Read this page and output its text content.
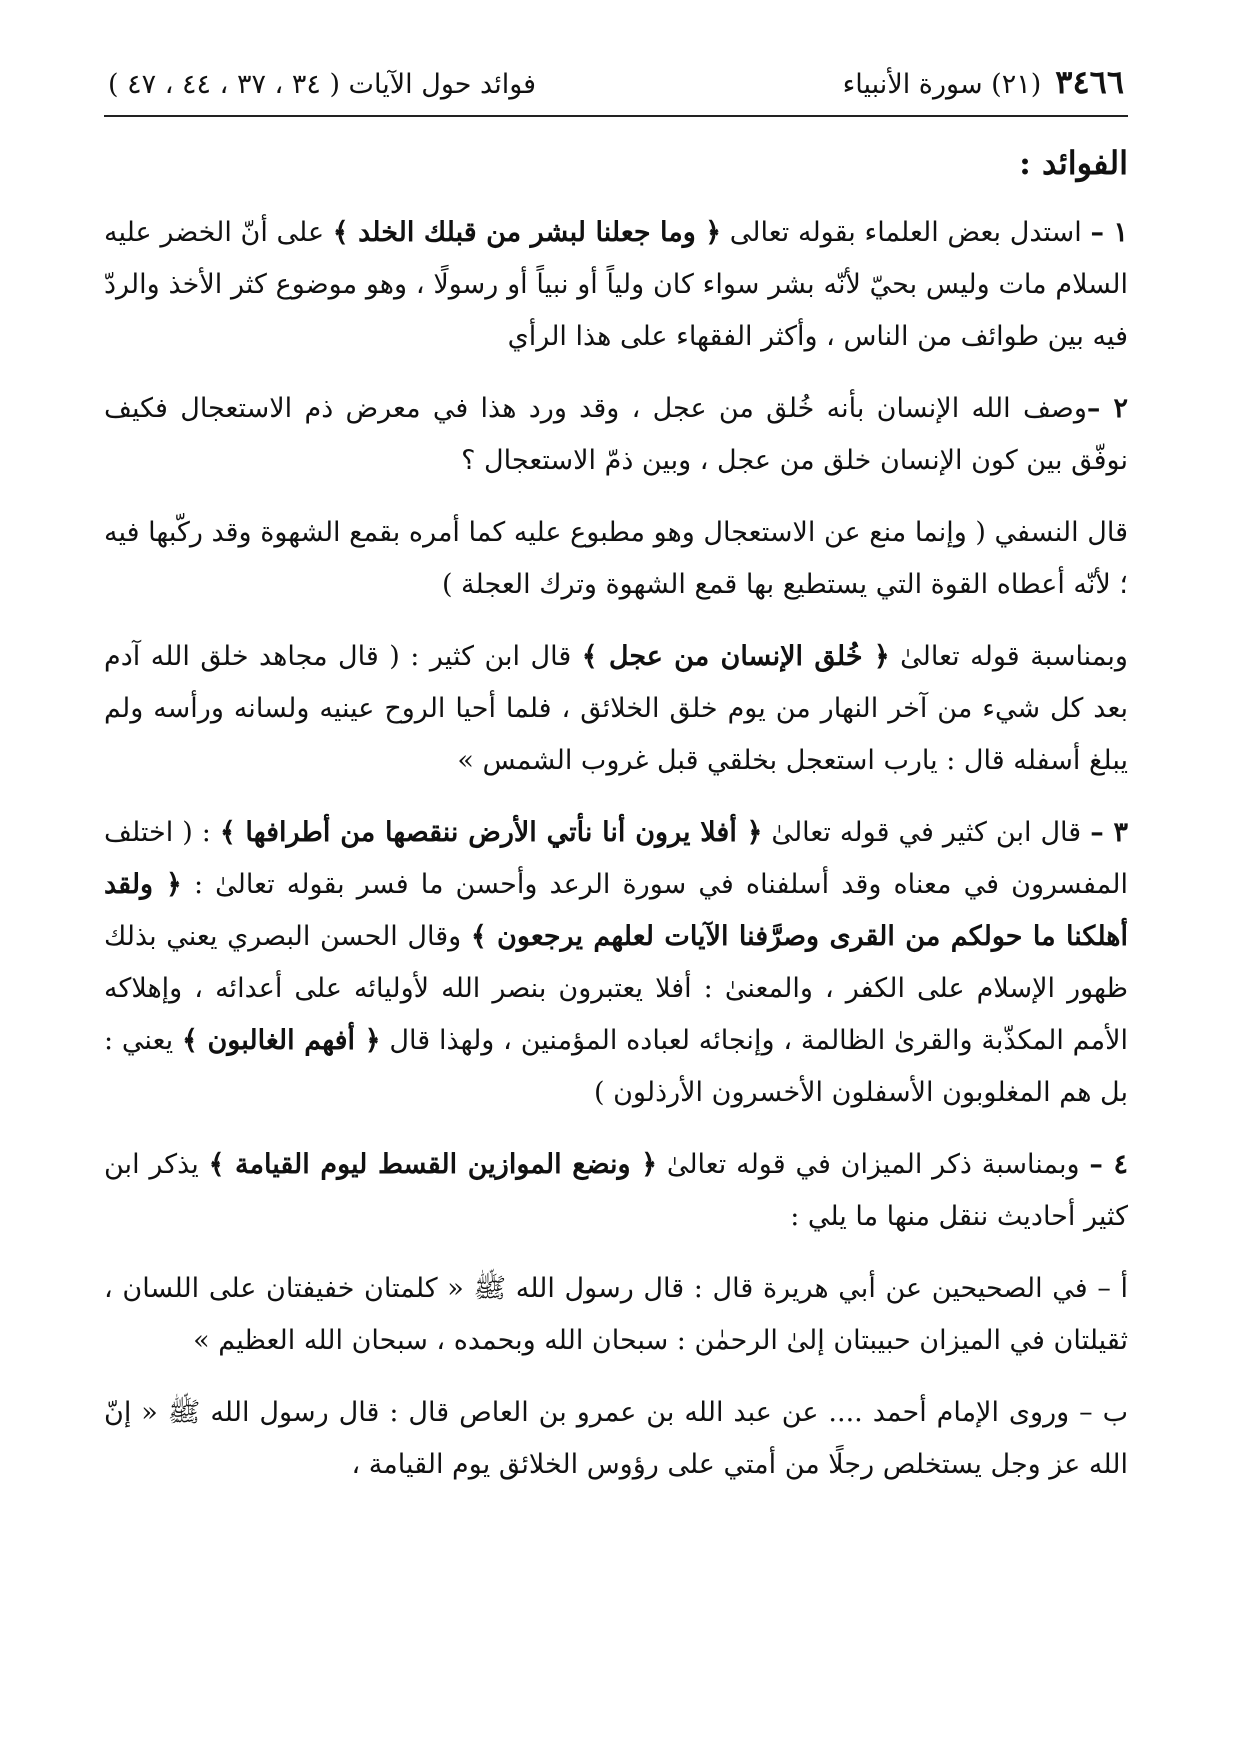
٣٤٦٦
(٢١) سورة الأنبياء
فوائد حول الآيات ( ٣٤ ، ٣٧ ، ٤٤ ، ٤٧ )
الفوائد :

١ – استدل بعض العلماء بقوله تعالى ﴿ وما جعلنا لبشر من قبلك الخلد ﴾ على أنّ الخضر عليه السلام مات وليس بحيّ لأنّه بشر سواء كان ولياً أو نبياً أو رسولًا ، وهو موضوع كثر الأخذ والردّ فيه بين طوائف من الناس ، وأكثر الفقهاء على هذا الرأي

٢ –وصف الله الإنسان بأنه خُلق من عجل ، وقد ورد هذا في معرض ذم الاستعجال فكيف نوفّق بين كون الإنسان خلق من عجل ، وبين ذمّ الاستعجال ؟

قال النسفي ( وإنما منع عن الاستعجال وهو مطبوع عليه كما أمره بقمع الشهوة وقد ركّبها فيه ؛ لأنّه أعطاه القوة التي يستطيع بها قمع الشهوة وترك العجلة )

وبمناسبة قوله تعالىٰ ﴿ خُلق الإنسان من عجل ﴾ قال ابن كثير : ( قال مجاهد خلق الله آدم بعد كل شيء من آخر النهار من يوم خلق الخلائق ، فلما أحيا الروح عينيه ولسانه ورأسه ولم يبلغ أسفله قال : يارب استعجل بخلقي قبل غروب الشمس »

٣ – قال ابن كثير في قوله تعالىٰ ﴿ أفلا يرون أنا نأتي الأرض ننقصها من أطرافها ﴾ : ( اختلف المفسرون في معناه وقد أسلفناه في سورة الرعد وأحسن ما فسر بقوله تعالىٰ : ﴿ ولقد أهلكنا ما حولكم من القرى وصرَّفنا الآيات لعلهم يرجعون ﴾ وقال الحسن البصري يعني بذلك ظهور الإسلام على الكفر ، والمعنىٰ : أفلا يعتبرون بنصر الله لأوليائه على أعدائه ، وإهلاكه الأمم المكذّبة والقرىٰ الظالمة ، وإنجائه لعباده المؤمنين ، ولهذا قال ﴿ أفهم الغالبون ﴾ يعني : بل هم المغلوبون الأسفلون الأخسرون الأرذلون )

٤ – وبمناسبة ذكر الميزان في قوله تعالىٰ ﴿ ونضع الموازين القسط ليوم القيامة ﴾ يذكر ابن كثير أحاديث ننقل منها ما يلي :

أ – في الصحيحين عن أبي هريرة قال : قال رسول الله ﷺ « كلمتان خفيفتان على اللسان ، ثقيلتان في الميزان حبيبتان إلىٰ الرحمٰن : سبحان الله وبحمده ، سبحان الله العظيم »

ب – وروى الإمام أحمد .... عن عبد الله بن عمرو بن العاص قال : قال رسول الله ﷺ « إنّ الله عز وجل يستخلص رجلًا من أمتي على رؤوس الخلائق يوم القيامة ،
